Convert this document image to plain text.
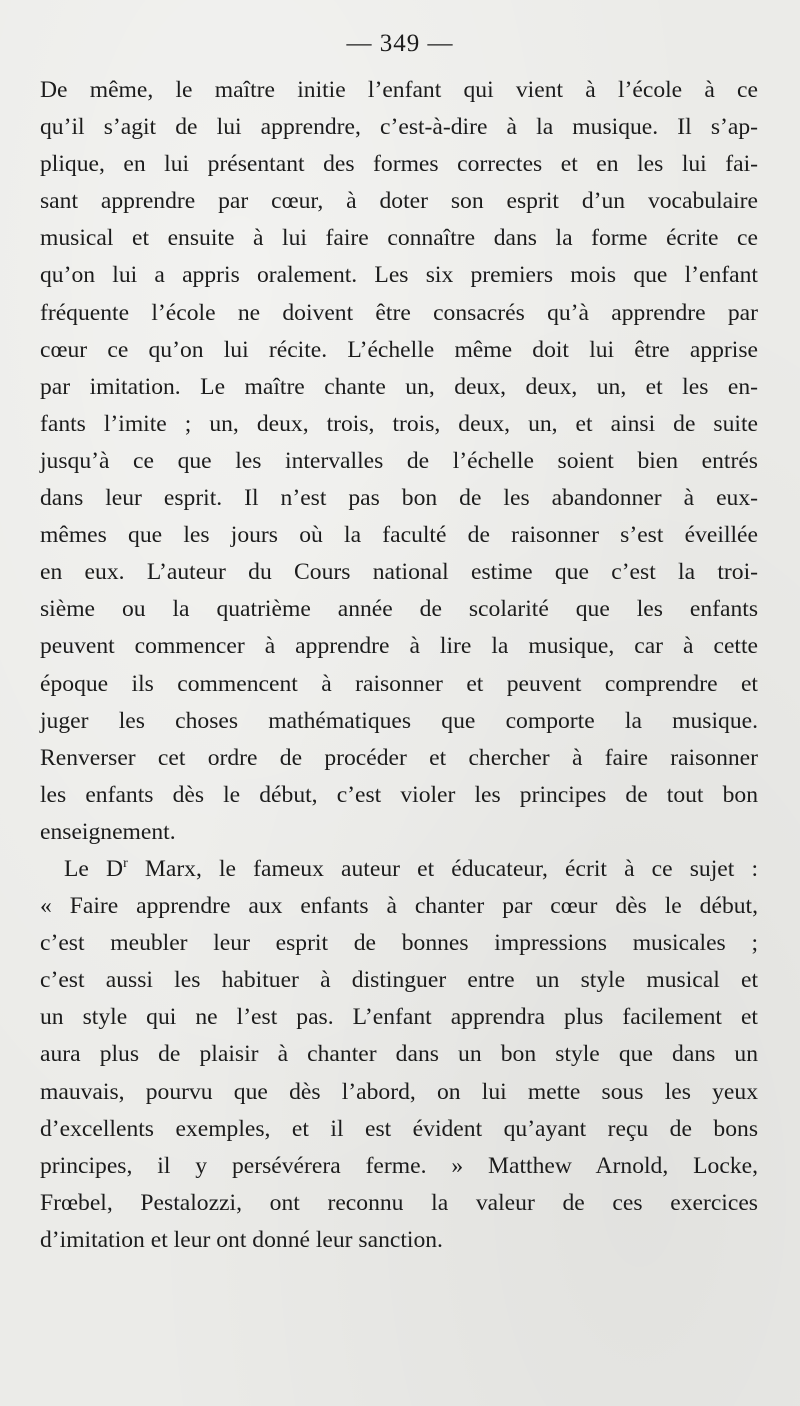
— 349 —
De même, le maître initie l’enfant qui vient à l’école à ce
qu’il s’agit de lui apprendre, c’est-à-dire à la musique. Il s’ap-
plique, en lui présentant des formes correctes et en les lui fai-
sant apprendre par cœur, à doter son esprit d’un vocabulaire
musical et ensuite à lui faire connaître dans la forme écrite ce
qu’on lui a appris oralement. Les six premiers mois que l’enfant
fréquente l’école ne doivent être consacrés qu’à apprendre par
cœur ce qu’on lui récite. L’échelle même doit lui être apprise
par imitation. Le maître chante un, deux, deux, un, et les en-
fants l’imite ; un, deux, trois, trois, deux, un, et ainsi de suite
jusqu’à ce que les intervalles de l’échelle soient bien entrés
dans leur esprit. Il n’est pas bon de les abandonner à eux-
mêmes que les jours où la faculté de raisonner s’est éveillée
en eux. L’auteur du Cours national estime que c’est la troi-
sième ou la quatrième année de scolarité que les enfants
peuvent commencer à apprendre à lire la musique, car à cette
époque ils commencent à raisonner et peuvent comprendre et
juger les choses mathématiques que comporte la musique.
Renverser cet ordre de procéder et chercher à faire raisonner
les enfants dès le début, c’est violer les principes de tout bon
enseignement.
Le $D^r$ Marx, le fameux auteur et éducateur, écrit à ce sujet :
« Faire apprendre aux enfants à chanter par cœur dès le début,
c’est meubler leur esprit de bonnes impressions musicales ;
c’est aussi les habituer à distinguer entre un style musical et
un style qui ne l’est pas. L’enfant apprendra plus facilement et
aura plus de plaisir à chanter dans un bon style que dans un
mauvais, pourvu que dès l’abord, on lui mette sous les yeux
d’excellents exemples, et il est évident qu’ayant reçu de bons
principes, il y persévérera ferme. » Matthew Arnold, Locke,
Frœbel, Pestalozzi, ont reconnu la valeur de ces exercices
d’imitation et leur ont donné leur sanction.
